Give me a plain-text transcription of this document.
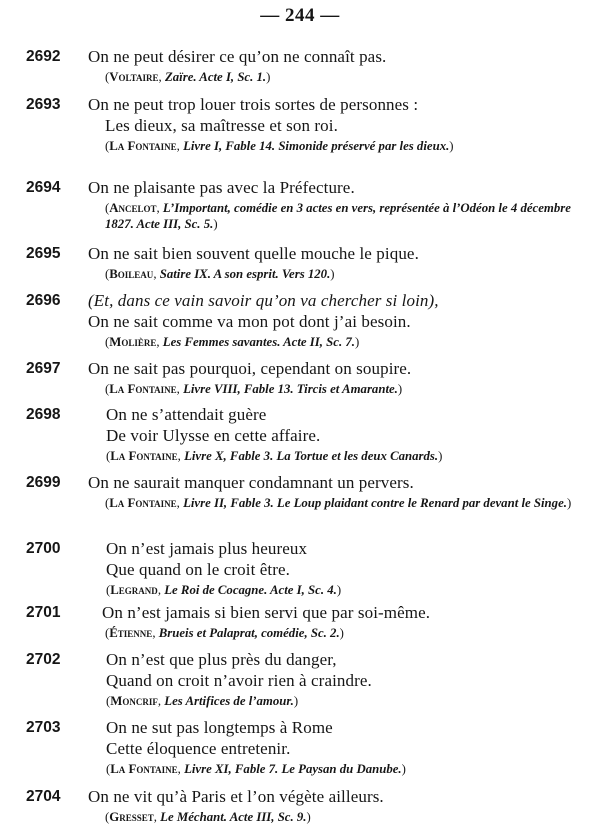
— 244 —
2692 On ne peut désirer ce qu’on ne connaît pas.
(Voltaire, Zaïre. Acte I, Sc. 1.)
2693 On ne peut trop louer trois sortes de personnes :
Les dieux, sa maîtresse et son roi.
(La Fontaine, Livre I, Fable 14. Simonide préservé par les dieux.)
2694 On ne plaisante pas avec la Préfecture.
(Ancelot, L’Important, comédie en 3 actes en vers, représentée à l’Odéon le 4 décembre 1827. Acte III, Sc. 5.)
2695 On ne sait bien souvent quelle mouche le pique.
(Boileau, Satire IX. A son esprit. Vers 120.)
2696 (Et, dans ce vain savoir qu’on va chercher si loin),
On ne sait comme va mon pot dont j’ai besoin.
(Molière, Les Femmes savantes. Acte II, Sc. 7.)
2697 On ne sait pas pourquoi, cependant on soupire.
(La Fontaine, Livre VIII, Fable 13. Tircis et Amarante.)
2698	On ne s’attendait guère
De voir Ulysse en cette affaire.
(La Fontaine, Livre X, Fable 3. La Tortue et les deux Canards.)
2699 On ne saurait manquer condamnant un pervers.
(La Fontaine, Livre II, Fable 3. Le Loup plaidant contre le Renard par devant le Singe.)
2700	On n’est jamais plus heureux
Que quand on le croit être.
(Legrand, Le Roi de Cocagne. Acte I, Sc. 4.)
2701 On n’est jamais si bien servi que par soi-même.
(Étienne, Brueis et Palaprat, comédie, Sc. 2.)
2702	On n’est que plus près du danger,
Quand on croit n’avoir rien à craindre.
(Moncrif, Les Artifices de l’amour.)
2703	On ne sut pas longtemps à Rome
Cette éloquence entretenir.
(La Fontaine, Livre XI, Fable 7. Le Paysan du Danube.)
2704 On ne vit qu’à Paris et l’on végète ailleurs.
(Gresset, Le Méchant. Acte III, Sc. 9.)
